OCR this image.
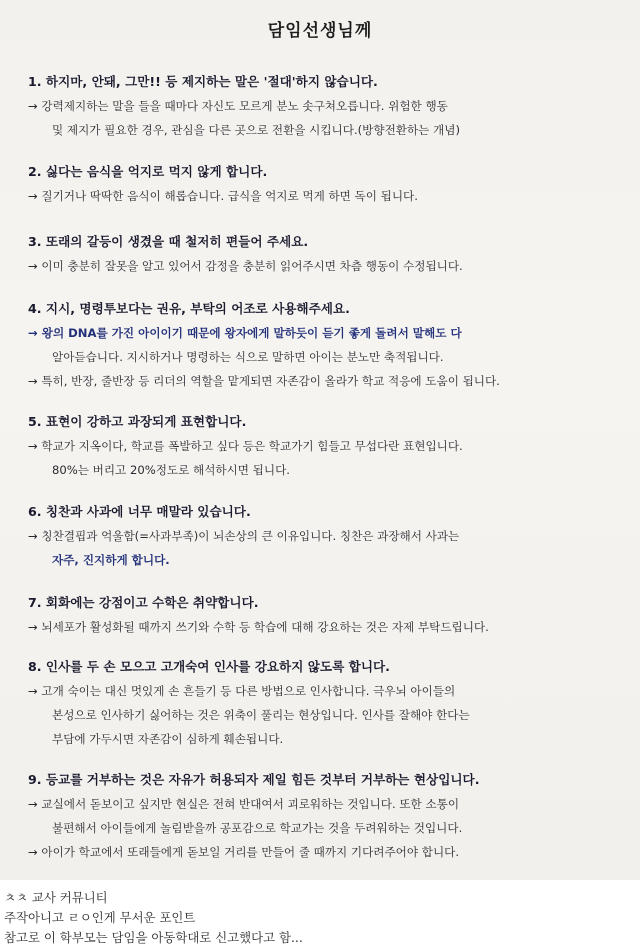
담임선생님께
1. 하지마, 안돼, 그만!! 등 제지하는 말은 '절대'하지 않습니다.
→ 강력제지하는 말을 들을 때마다 자신도 모르게 분노 솟구쳐오릅니다. 위험한 행동
및 제지가 필요한 경우, 관심을 다른 곳으로 전환을 시킵니다.(방향전환하는 개념)
2. 싫다는 음식을 억지로 먹지 않게 합니다.
→ 질기거나 딱딱한 음식이 해롭습니다. 급식을 억지로 먹게 하면 독이 됩니다.
3. 또래의 갈등이 생겼을 때 철저히 편들어 주세요.
→ 이미 충분히 잘못을 알고 있어서 감정을 충분히 읽어주시면 차츰 행동이 수정됩니다.
4. 지시, 명령투보다는 권유, 부탁의 어조로 사용해주세요.
→ 왕의 DNA를 가진 아이이기 때문에 왕자에게 말하듯이 듣기 좋게 돌려서 말해도 다
알아듣습니다. 지시하거나 명령하는 식으로 말하면 아이는 분노만 축적됩니다.
→ 특히, 반장, 줄반장 등 리더의 역할을 맡게되면 자존감이 올라가 학교 적응에 도움이 됩니다.
5. 표현이 강하고 과장되게 표현합니다.
→ 학교가 지옥이다, 학교를 폭발하고 싶다 등은 학교가기 힘들고 무섭다란 표현입니다.
80%는 버리고 20%정도로 해석하시면 됩니다.
6. 칭찬과 사과에 너무 매말라 있습니다.
→ 칭찬결핍과 억울함(=사과부족)이 뇌손상의 큰 이유입니다. 칭찬은 과장해서 사과는
자주, 진지하게 합니다.
7. 회화에는 강점이고 수학은 취약합니다.
→ 뇌세포가 활성화될 때까지 쓰기와 수학 등 학습에 대해 강요하는 것은 자제 부탁드립니다.
8. 인사를 두 손 모으고 고개숙여 인사를 강요하지 않도록 합니다.
→ 고개 숙이는 대신 멋있게 손 흔들기 등 다른 방법으로 인사합니다. 극우뇌 아이들의
본성으로 인사하기 싫어하는 것은 위축이 풀리는 현상입니다. 인사를 잘해야 한다는
부담에 가두시면 자존감이 심하게 훼손됩니다.
9. 등교를 거부하는 것은 자유가 허용되자 제일 힘든 것부터 거부하는 현상입니다.
→ 교실에서 돋보이고 싶지만 현실은 전혀 반대여서 괴로워하는 것입니다. 또한 소통이
불편해서 아이들에게 놀림받을까 공포감으로 학교가는 것을 두려워하는 것입니다.
→ 아이가 학교에서 또래들에게 돋보일 거리를 만들어 줄 때까지 기다려주어야 합니다.
ㅊㅊ 교사 커뮤니티
주작아니고 ㄹㅇ인게 무서운 포인트
참고로 이 학부모는 담임을 아동학대로 신고했다고 함...
